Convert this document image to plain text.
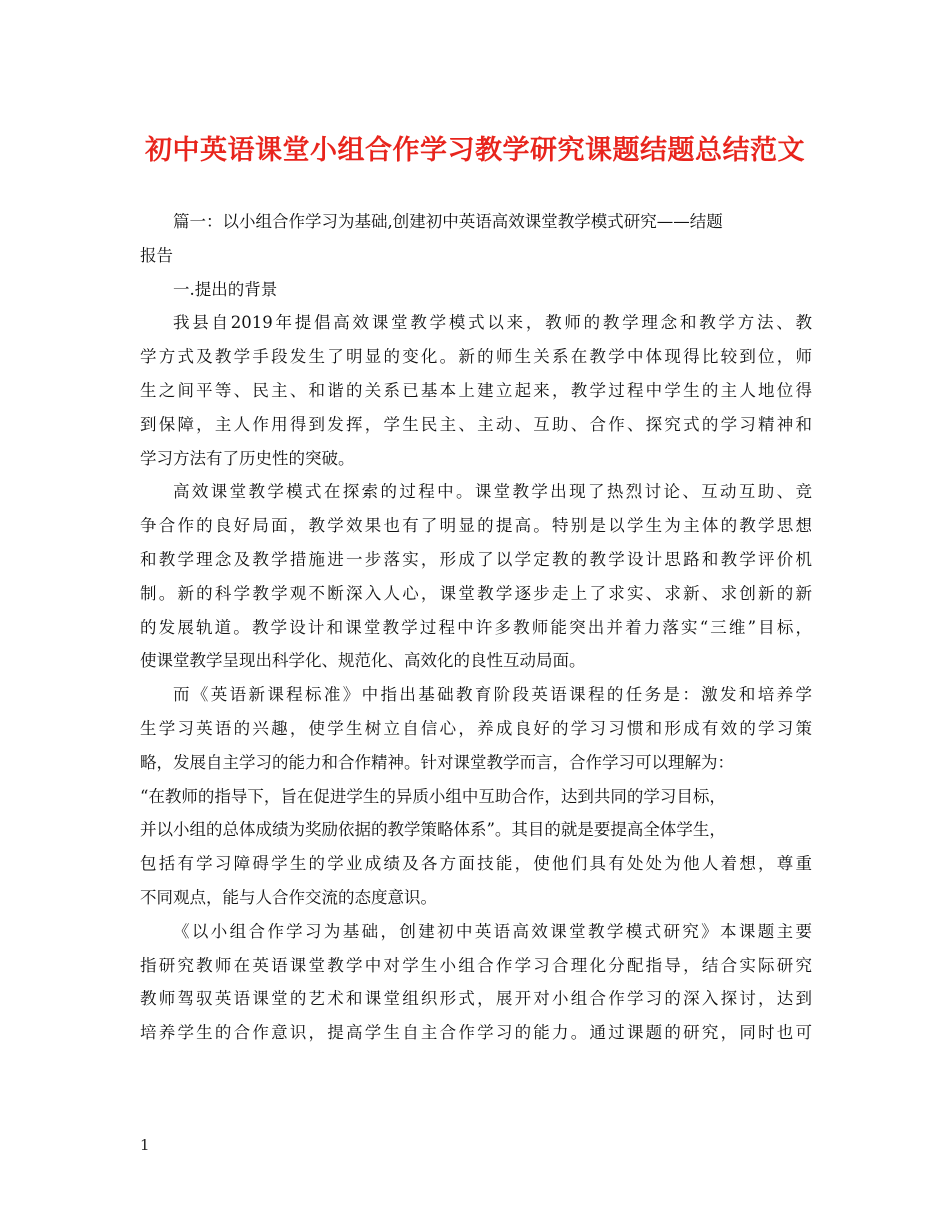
初中英语课堂小组合作学习教学研究课题结题总结范文
篇一：以小组合作学习为基础,创建初中英语高效课堂教学模式研究——结题
报告
一.提出的背景
我县自2019年提倡高效课堂教学模式以来，教师的教学理念和教学方法、教
学方式及教学手段发生了明显的变化。新的师生关系在教学中体现得比较到位，师
生之间平等、民主、和谐的关系已基本上建立起来，教学过程中学生的主人地位得
到保障，主人作用得到发挥，学生民主、主动、互助、合作、探究式的学习精神和
学习方法有了历史性的突破。
高效课堂教学模式在探索的过程中。课堂教学出现了热烈讨论、互动互助、竞
争合作的良好局面，教学效果也有了明显的提高。特别是以学生为主体的教学思想
和教学理念及教学措施进一步落实，形成了以学定教的教学设计思路和教学评价机
制。新的科学教学观不断深入人心，课堂教学逐步走上了求实、求新、求创新的新
的发展轨道。教学设计和课堂教学过程中许多教师能突出并着力落实“三维”目标，
使课堂教学呈现出科学化、规范化、高效化的良性互动局面。
而《英语新课程标准》中指出基础教育阶段英语课程的任务是：激发和培养学
生学习英语的兴趣，使学生树立自信心，养成良好的学习习惯和形成有效的学习策
略，发展自主学习的能力和合作精神。针对课堂教学而言，合作学习可以理解为：
“在教师的指导下，旨在促进学生的异质小组中互助合作，达到共同的学习目标，
并以小组的总体成绩为奖励依据的教学策略体系”。其目的就是要提高全体学生，
包括有学习障碍学生的学业成绩及各方面技能，使他们具有处处为他人着想，尊重
不同观点，能与人合作交流的态度意识。
《以小组合作学习为基础，创建初中英语高效课堂教学模式研究》本课题主要
指研究教师在英语课堂教学中对学生小组合作学习合理化分配指导，结合实际研究
教师驾驭英语课堂的艺术和课堂组织形式，展开对小组合作学习的深入探讨，达到
培养学生的合作意识，提高学生自主合作学习的能力。通过课题的研究，同时也可
1
